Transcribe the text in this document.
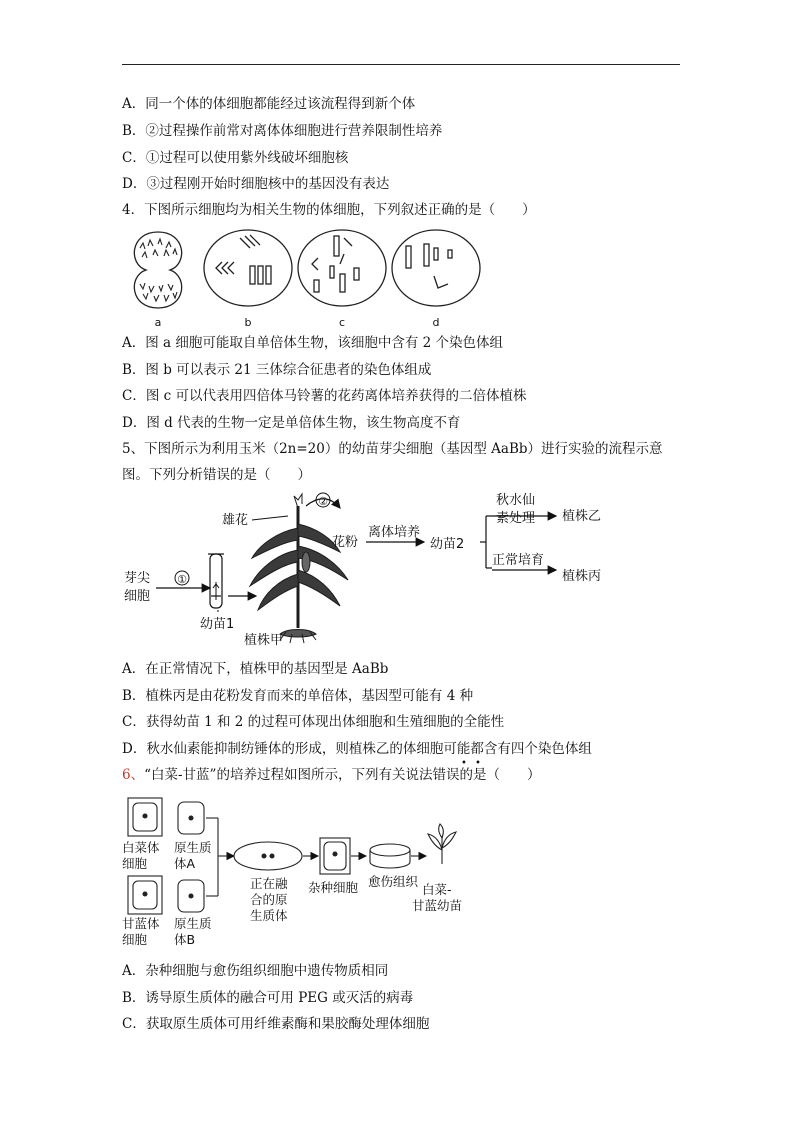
A．同一个体的体细胞都能经过该流程得到新个体
B．②过程操作前常对离体体细胞进行营养限制性培养
C．①过程可以使用紫外线破坏细胞核
D．③过程刚开始时细胞核中的基因没有表达
4．下图所示细胞均为相关生物的体细胞，下列叙述正确的是（　　）
a	b	c	d
A．图 a 细胞可能取自单倍体生物，该细胞中含有 2 个染色体组
B．图 b 可以表示 21 三体综合征患者的染色体组成
C．图 c 可以代表用四倍体马铃薯的花药离体培养获得的二倍体植株
D．图 d 代表的生物一定是单倍体生物，该生物高度不育
5、下图所示为利用玉米（2n=20）的幼苗芽尖细胞（基因型 AaBb）进行实验的流程示意
图。下列分析错误的是（　　）
芽尖
细胞
①
幼苗1
植株甲
雄花
②
花粉
离体培养
幼苗2
秋水仙
素处理 植株乙
正常培育
植株丙
A．在正常情况下，植株甲的基因型是 AaBb
B．植株丙是由花粉发育而来的单倍体，基因型可能有 4 种
C．获得幼苗 1 和 2 的过程可体现出体细胞和生殖细胞的全能性
D．秋水仙素能抑制纺锤体的形成，则植株乙的体细胞可能都含有四个染色体组
• •
6、“白菜-甘蓝”的培养过程如图所示，下列有关说法错误的是（　　）
白菜体
细胞
原生质
体A
甘蓝体
细胞
原生质
体B
正在融
合的原
生质体
杂种细胞 愈伤组织
白菜-
甘蓝幼苗
A．杂种细胞与愈伤组织细胞中遗传物质相同
B．诱导原生质体的融合可用 PEG 或灭活的病毒
C．获取原生质体可用纤维素酶和果胶酶处理体细胞
